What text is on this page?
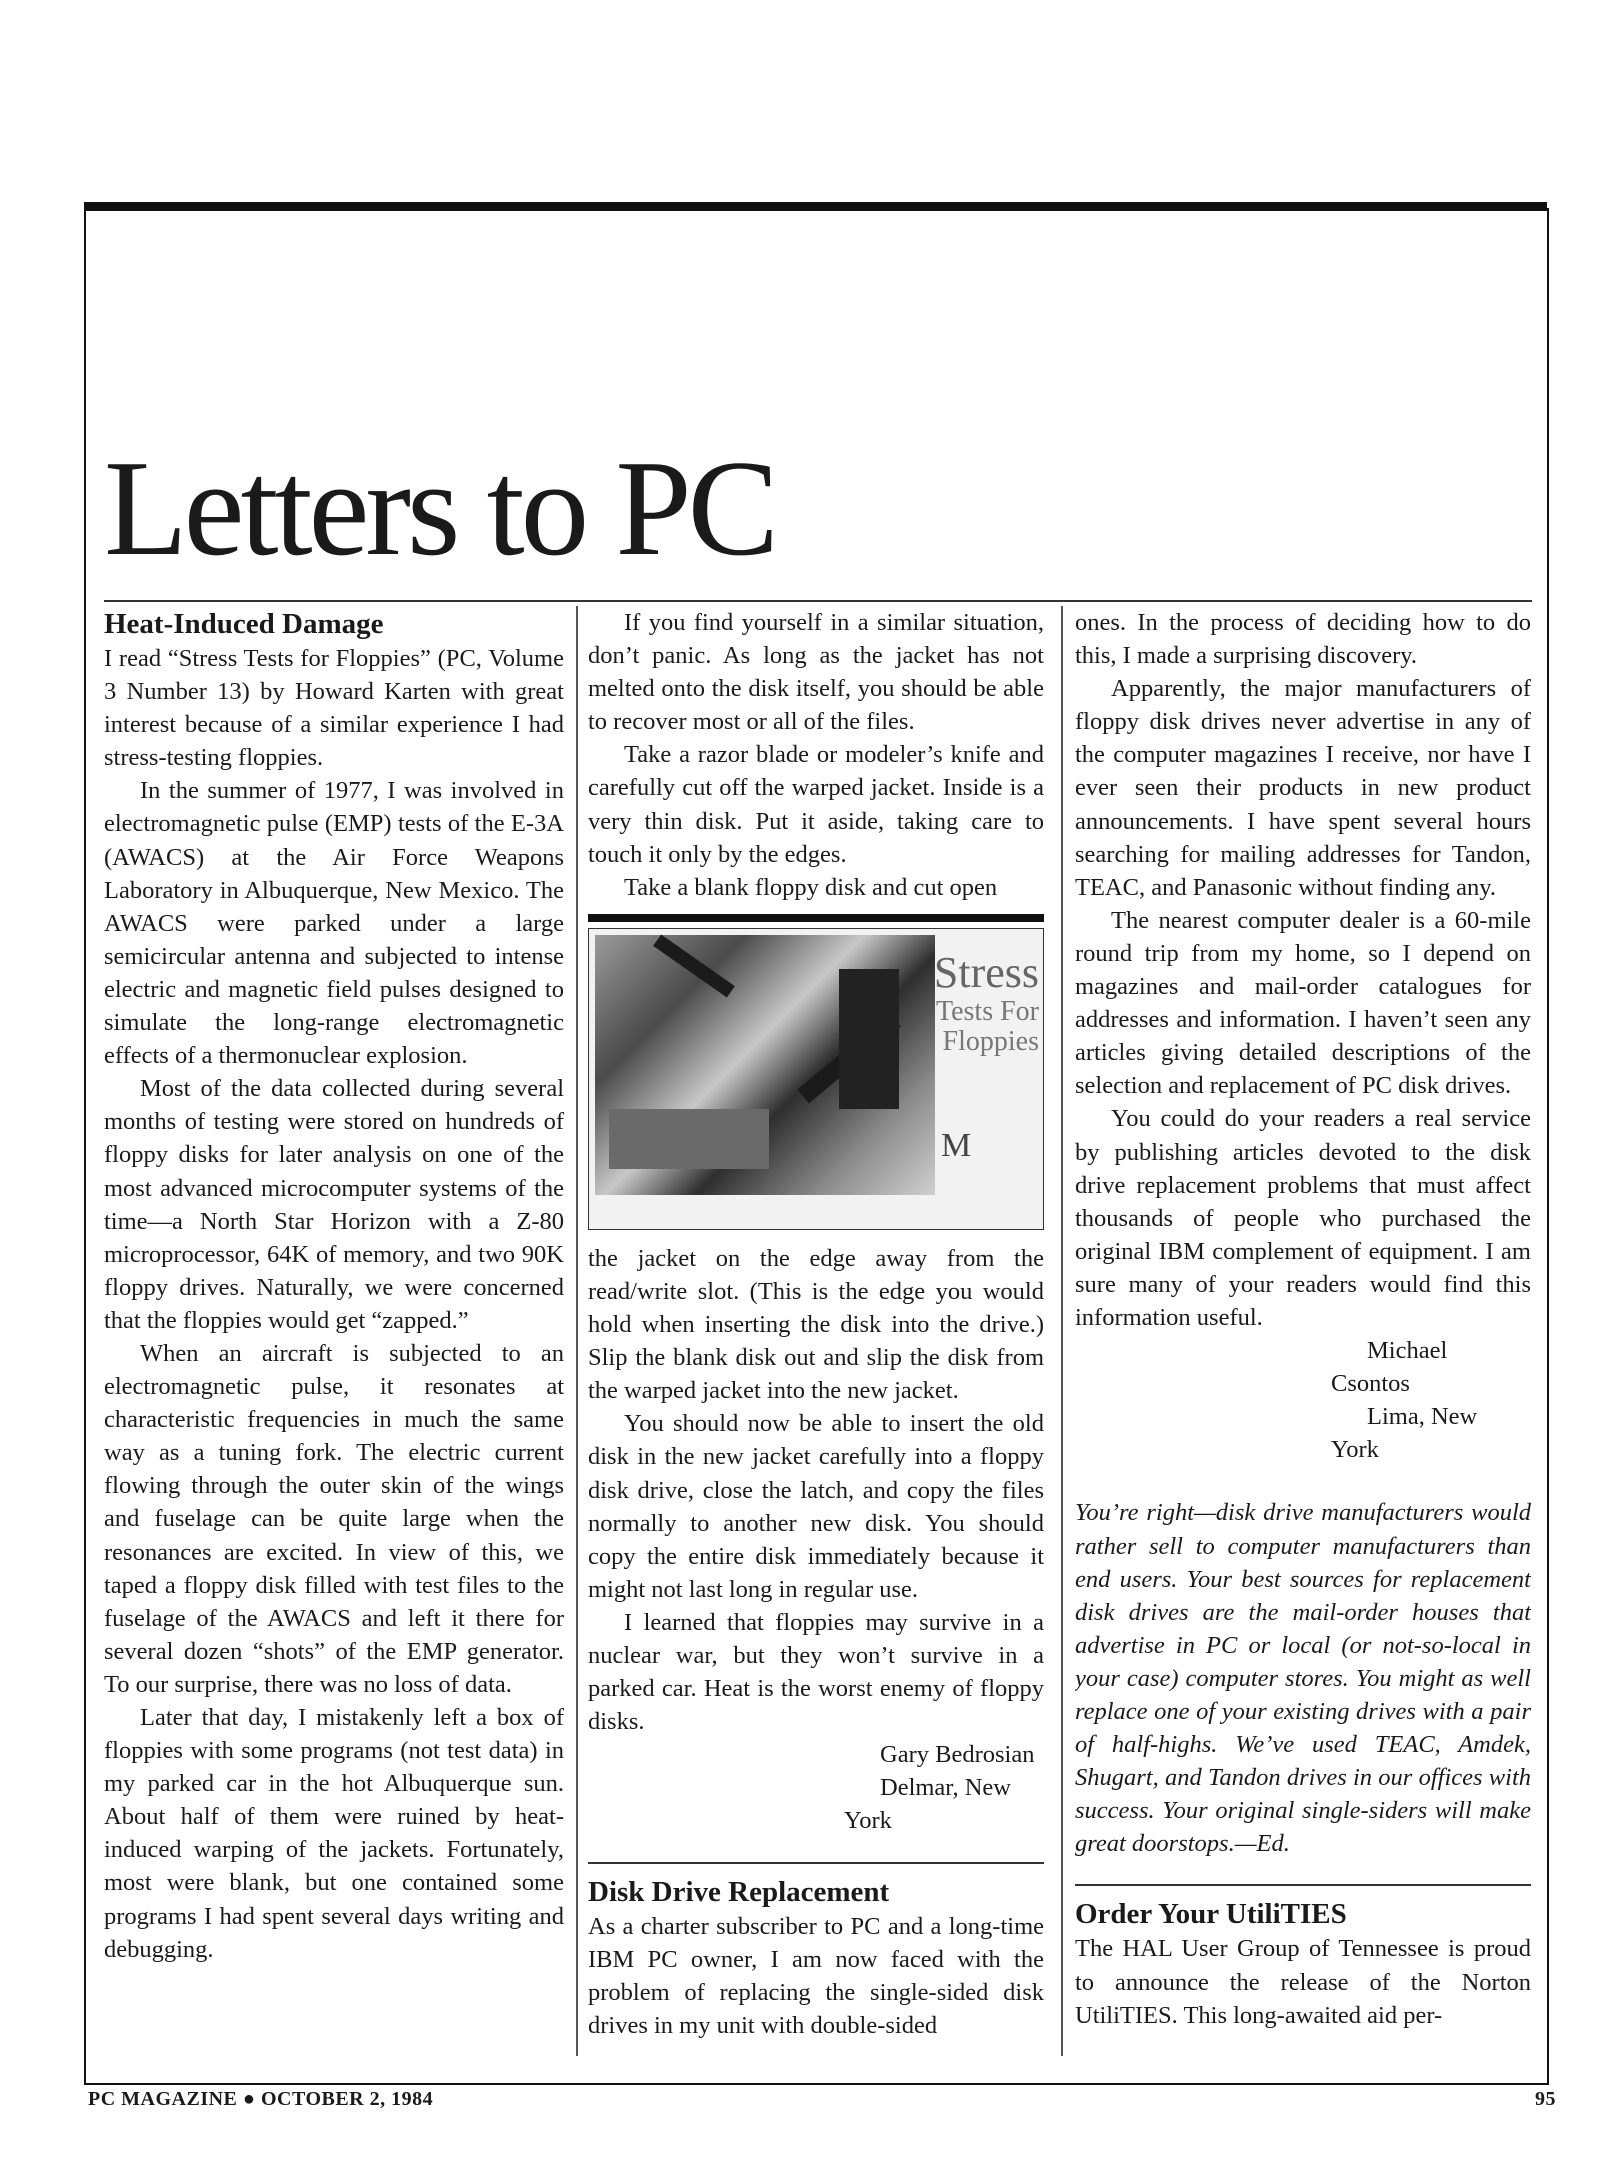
Letters to PC
Heat-Induced Damage

I read “Stress Tests for Floppies” (PC, Volume 3 Number 13) by Howard Karten with great interest because of a similar experience I had stress-testing floppies.

In the summer of 1977, I was involved in electromagnetic pulse (EMP) tests of the E-3A (AWACS) at the Air Force Weapons Laboratory in Albuquerque, New Mexico. The AWACS were parked under a large semicircular antenna and subjected to intense electric and magnetic field pulses designed to simulate the long-range electromagnetic effects of a thermonuclear explosion.

Most of the data collected during several months of testing were stored on hundreds of floppy disks for later analysis on one of the most advanced microcomputer systems of the time—a North Star Horizon with a Z-80 microprocessor, 64K of memory, and two 90K floppy drives. Naturally, we were concerned that the floppies would get “zapped.”

When an aircraft is subjected to an electromagnetic pulse, it resonates at characteristic frequencies in much the same way as a tuning fork. The electric current flowing through the outer skin of the wings and fuselage can be quite large when the resonances are excited. In view of this, we taped a floppy disk filled with test files to the fuselage of the AWACS and left it there for several dozen “shots” of the EMP generator. To our surprise, there was no loss of data.

Later that day, I mistakenly left a box of floppies with some programs (not test data) in my parked car in the hot Albuquerque sun. About half of them were ruined by heat-induced warping of the jackets. Fortunately, most were blank, but one contained some programs I had spent several days writing and debugging.

If you find yourself in a similar situation, don’t panic. As long as the jacket has not melted onto the disk itself, you should be able to recover most or all of the files.

Take a razor blade or modeler’s knife and carefully cut off the warped jacket. Inside is a very thin disk. Put it aside, taking care to touch it only by the edges.

Take a blank floppy disk and cut open

Stress
Tests For
Floppies
M

the jacket on the edge away from the read/write slot. (This is the edge you would hold when inserting the disk into the drive.) Slip the blank disk out and slip the disk from the warped jacket into the new jacket.

You should now be able to insert the old disk in the new jacket carefully into a floppy disk drive, close the latch, and copy the files normally to another new disk. You should copy the entire disk immediately because it might not last long in regular use.

I learned that floppies may survive in a nuclear war, but they won’t survive in a parked car. Heat is the worst enemy of floppy disks.

Gary Bedrosian

Delmar, New York

Disk Drive Replacement

As a charter subscriber to PC and a long-time IBM PC owner, I am now faced with the problem of replacing the single-sided disk drives in my unit with double-sided

ones. In the process of deciding how to do this, I made a surprising discovery.

Apparently, the major manufacturers of floppy disk drives never advertise in any of the computer magazines I receive, nor have I ever seen their products in new product announcements. I have spent several hours searching for mailing addresses for Tandon, TEAC, and Panasonic without finding any.

The nearest computer dealer is a 60-mile round trip from my home, so I depend on magazines and mail-order catalogues for addresses and information. I haven’t seen any articles giving detailed descriptions of the selection and replacement of PC disk drives.

You could do your readers a real service by publishing articles devoted to the disk drive replacement problems that must affect thousands of people who purchased the original IBM complement of equipment. I am sure many of your readers would find this information useful.

Michael Csontos

Lima, New York

You’re right—disk drive manufacturers would rather sell to computer manufacturers than end users. Your best sources for replacement disk drives are the mail-order houses that advertise in PC or local (or not-so-local in your case) computer stores. You might as well replace one of your existing drives with a pair of half-highs. We’ve used TEAC, Amdek, Shugart, and Tandon drives in our offices with success. Your original single-siders will make great doorstops.—Ed.

Order Your UtiliTIES

The HAL User Group of Tennessee is proud to announce the release of the Norton UtiliTIES. This long-awaited aid per-

PC MAGAZINE ● OCTOBER 2, 1984	95
